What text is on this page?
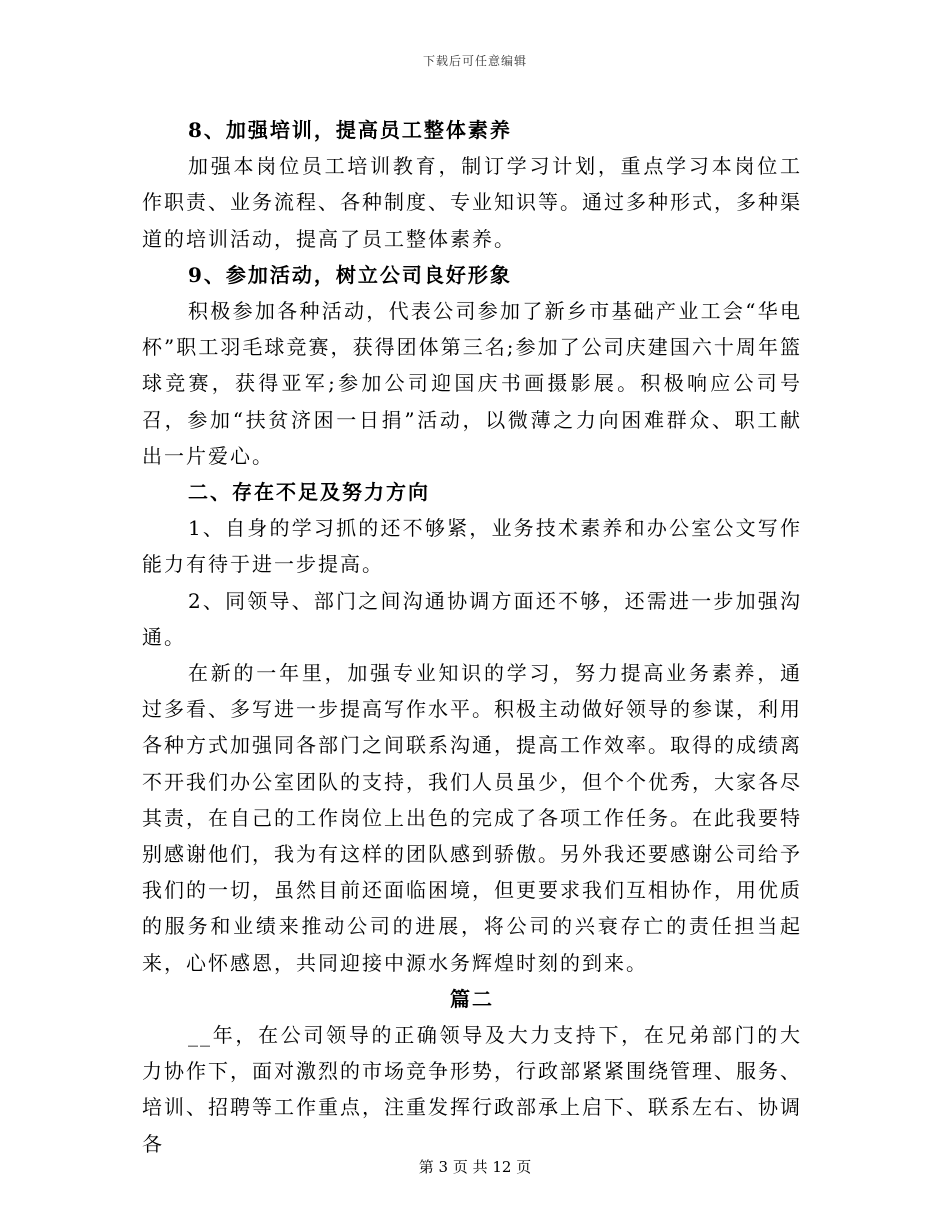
下载后可任意编辑

8、加强培训，提高员工整体素养

加强本岗位员工培训教育，制订学习计划，重点学习本岗位工作职责、业务流程、各种制度、专业知识等。通过多种形式，多种渠道的培训活动，提高了员工整体素养。

9、参加活动，树立公司良好形象

积极参加各种活动，代表公司参加了新乡市基础产业工会“华电杯”职工羽毛球竞赛，获得团体第三名;参加了公司庆建国六十周年篮球竞赛，获得亚军;参加公司迎国庆书画摄影展。积极响应公司号召，参加“扶贫济困一日捐”活动，以微薄之力向困难群众、职工献出一片爱心。

二、存在不足及努力方向

1、自身的学习抓的还不够紧，业务技术素养和办公室公文写作能力有待于进一步提高。

2、同领导、部门之间沟通协调方面还不够，还需进一步加强沟通。

在新的一年里，加强专业知识的学习，努力提高业务素养，通过多看、多写进一步提高写作水平。积极主动做好领导的参谋，利用各种方式加强同各部门之间联系沟通，提高工作效率。取得的成绩离不开我们办公室团队的支持，我们人员虽少，但个个优秀，大家各尽其责，在自己的工作岗位上出色的完成了各项工作任务。在此我要特别感谢他们，我为有这样的团队感到骄傲。另外我还要感谢公司给予我们的一切，虽然目前还面临困境，但更要求我们互相协作，用优质的服务和业绩来推动公司的进展，将公司的兴衰存亡的责任担当起来，心怀感恩，共同迎接中源水务辉煌时刻的到来。

篇二

__年，在公司领导的正确领导及大力支持下，在兄弟部门的大力协作下，面对激烈的市场竞争形势，行政部紧紧围绕管理、服务、培训、招聘等工作重点，注重发挥行政部承上启下、联系左右、协调各

第 3 页 共 12 页
